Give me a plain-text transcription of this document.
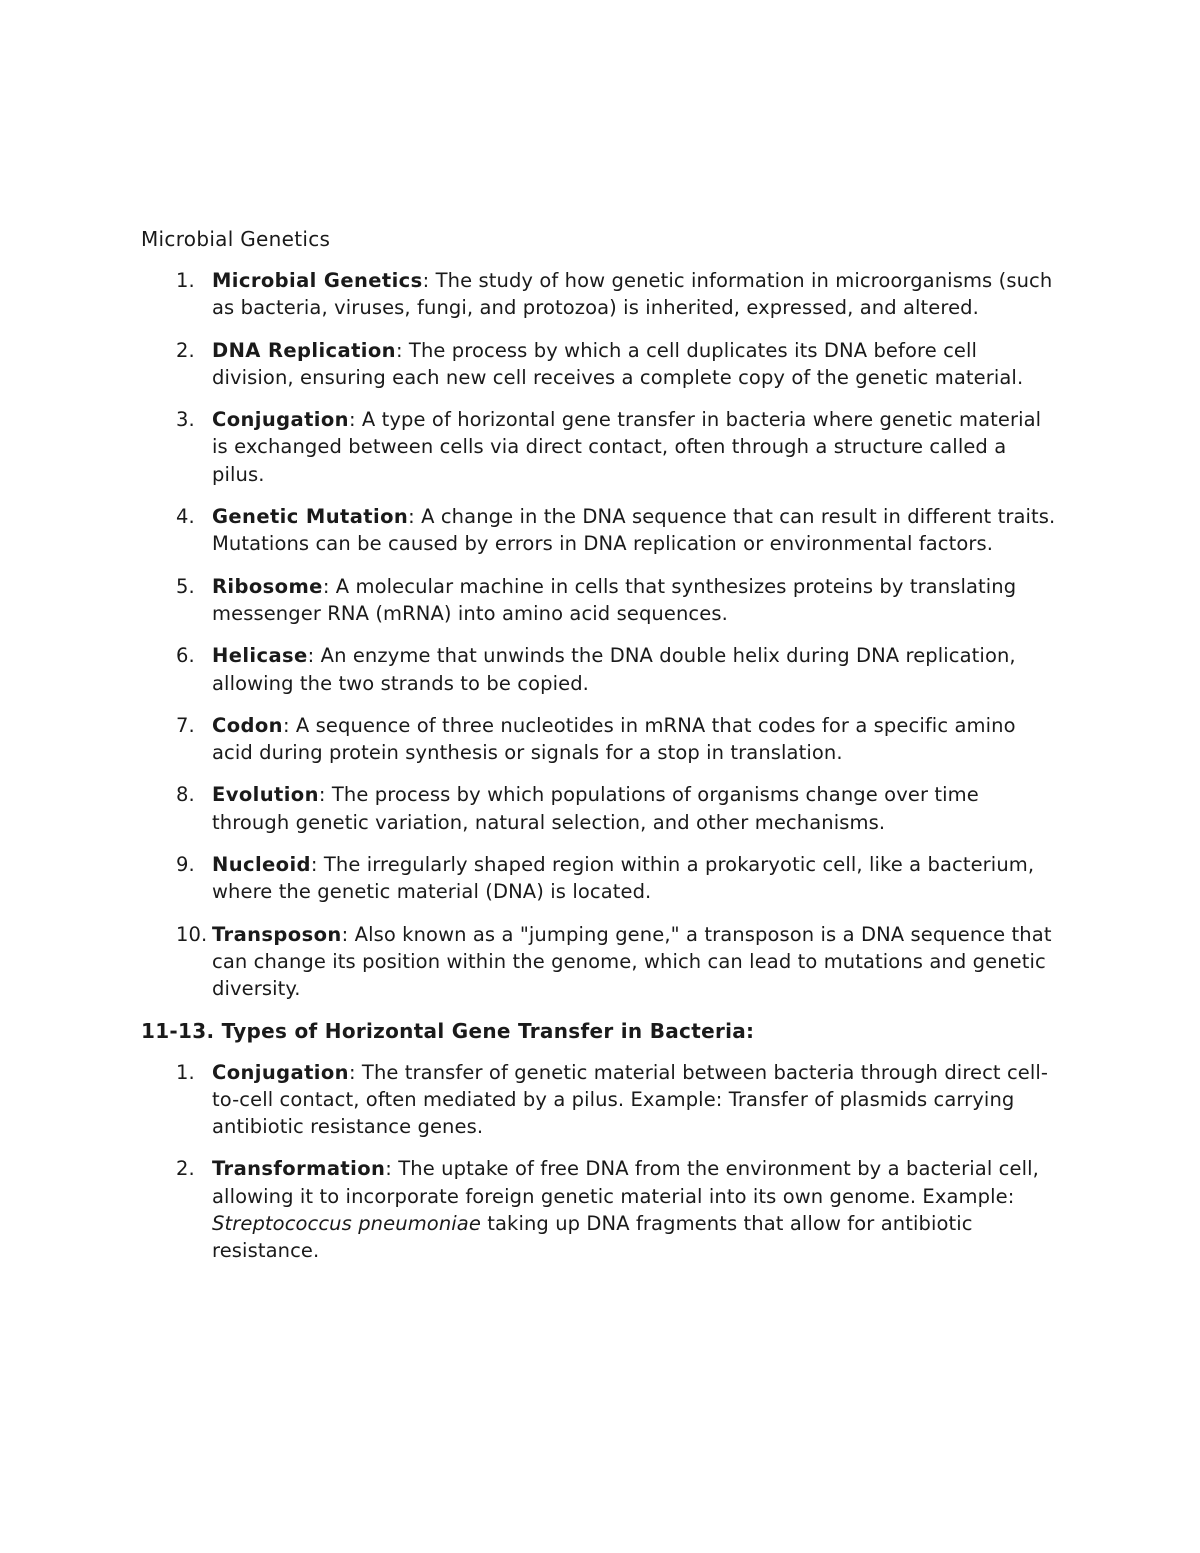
Microbial Genetics
1. Microbial Genetics: The study of how genetic information in microorganisms (such as bacteria, viruses, fungi, and protozoa) is inherited, expressed, and altered.
2. DNA Replication: The process by which a cell duplicates its DNA before cell division, ensuring each new cell receives a complete copy of the genetic material.
3. Conjugation: A type of horizontal gene transfer in bacteria where genetic material is exchanged between cells via direct contact, often through a structure called a pilus.
4. Genetic Mutation: A change in the DNA sequence that can result in different traits. Mutations can be caused by errors in DNA replication or environmental factors.
5. Ribosome: A molecular machine in cells that synthesizes proteins by translating messenger RNA (mRNA) into amino acid sequences.
6. Helicase: An enzyme that unwinds the DNA double helix during DNA replication, allowing the two strands to be copied.
7. Codon: A sequence of three nucleotides in mRNA that codes for a specific amino acid during protein synthesis or signals for a stop in translation.
8. Evolution: The process by which populations of organisms change over time through genetic variation, natural selection, and other mechanisms.
9. Nucleoid: The irregularly shaped region within a prokaryotic cell, like a bacterium, where the genetic material (DNA) is located.
10. Transposon: Also known as a "jumping gene," a transposon is a DNA sequence that can change its position within the genome, which can lead to mutations and genetic diversity.
11-13. Types of Horizontal Gene Transfer in Bacteria:
1. Conjugation: The transfer of genetic material between bacteria through direct cell-to-cell contact, often mediated by a pilus. Example: Transfer of plasmids carrying antibiotic resistance genes.
2. Transformation: The uptake of free DNA from the environment by a bacterial cell, allowing it to incorporate foreign genetic material into its own genome. Example: Streptococcus pneumoniae taking up DNA fragments that allow for antibiotic resistance.
